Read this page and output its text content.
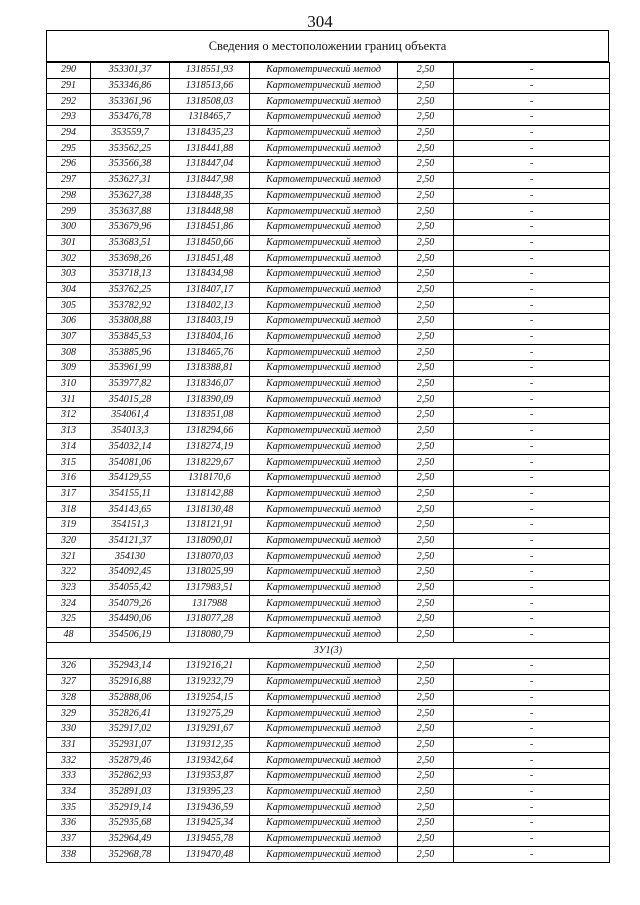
304
Сведения о местоположении границ объекта
290	353301,37	1318551,93	Картометрический метод	2,50	-
291	353346,86	1318513,66	Картометрический метод	2,50	-
292	353361,96	1318508,03	Картометрический метод	2,50	-
293	353476,78	1318465,7	Картометрический метод	2,50	-
294	353559,7	1318435,23	Картометрический метод	2,50	-
295	353562,25	1318441,88	Картометрический метод	2,50	-
296	353566,38	1318447,04	Картометрический метод	2,50	-
297	353627,31	1318447,98	Картометрический метод	2,50	-
298	353627,38	1318448,35	Картометрический метод	2,50	-
299	353637,88	1318448,98	Картометрический метод	2,50	-
300	353679,96	1318451,86	Картометрический метод	2,50	-
301	353683,51	1318450,66	Картометрический метод	2,50	-
302	353698,26	1318451,48	Картометрический метод	2,50	-
303	353718,13	1318434,98	Картометрический метод	2,50	-
304	353762,25	1318407,17	Картометрический метод	2,50	-
305	353782,92	1318402,13	Картометрический метод	2,50	-
306	353808,88	1318403,19	Картометрический метод	2,50	-
307	353845,53	1318404,16	Картометрический метод	2,50	-
308	353885,96	1318465,76	Картометрический метод	2,50	-
309	353961,99	1318388,81	Картометрический метод	2,50	-
310	353977,82	1318346,07	Картометрический метод	2,50	-
311	354015,28	1318390,09	Картометрический метод	2,50	-
312	354061,4	1318351,08	Картометрический метод	2,50	-
313	354013,3	1318294,66	Картометрический метод	2,50	-
314	354032,14	1318274,19	Картометрический метод	2,50	-
315	354081,06	1318229,67	Картометрический метод	2,50	-
316	354129,55	1318170,6	Картометрический метод	2,50	-
317	354155,11	1318142,88	Картометрический метод	2,50	-
318	354143,65	1318130,48	Картометрический метод	2,50	-
319	354151,3	1318121,91	Картометрический метод	2,50	-
320	354121,37	1318090,01	Картометрический метод	2,50	-
321	354130	1318070,03	Картометрический метод	2,50	-
322	354092,45	1318025,99	Картометрический метод	2,50	-
323	354055,42	1317983,51	Картометрический метод	2,50	-
324	354079,26	1317988	Картометрический метод	2,50	-
325	354490,06	1318077,28	Картометрический метод	2,50	-
48	354506,19	1318080,79	Картометрический метод	2,50	-
ЗУ1(3)					
326	352943,14	1319216,21	Картометрический метод	2,50	-
327	352916,88	1319232,79	Картометрический метод	2,50	-
328	352888,06	1319254,15	Картометрический метод	2,50	-
329	352826,41	1319275,29	Картометрический метод	2,50	-
330	352917,02	1319291,67	Картометрический метод	2,50	-
331	352931,07	1319312,35	Картометрический метод	2,50	-
332	352879,46	1319342,64	Картометрический метод	2,50	-
333	352862,93	1319353,87	Картометрический метод	2,50	-
334	352891,03	1319395,23	Картометрический метод	2,50	-
335	352919,14	1319436,59	Картометрический метод	2,50	-
336	352935,68	1319425,34	Картометрический метод	2,50	-
337	352964,49	1319455,78	Картометрический метод	2,50	-
338	352968,78	1319470,48	Картометрический метод	2,50	-
